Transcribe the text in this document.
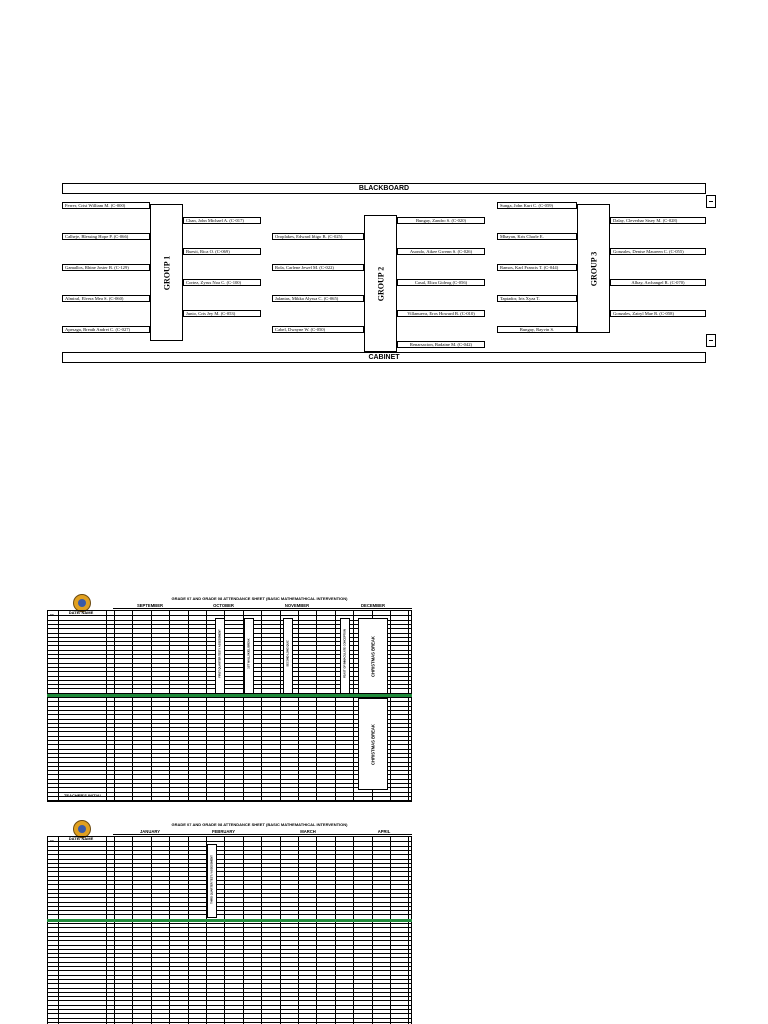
BLACKBOARD
CABINET
GROUP 1
Ferrer, Crist William M. (C-000)
Calheje, Blessing Hope P. (C-066)
Gamallos, Rhine Joster B. (C-129)
Almiral, Elvera Mea S. (C-060)
Apesaga, Breath Andrei C. (C-027)
Chan, John Michael A. (C-017)
Buesit, Rica O. (C-069)
Cortez, Zyrus Noa C. (C-100)
Junio, Cris Jey M. (C-053)
GROUP 2
Oroplakes, Edward Iñigo B. (C-025)
Rola, Carlene Jewel M. (C-022)
Jalantas, Mikka Alyssa C. (C-065)
Cabel, Dwayne W. (C-050)
Bungay, Zandro S. (C-020)
Asondo, Aikee Gwenn S. (C-026)
Casal, Eliza Gideog (C-056)
Villanueva, Eros Howard B. (C-010)
Renarsacion, Badaine M. (C-042)
GROUP 3
Sunga, John Kurt C. (C-059)
Mbayan, Kris Charle E.
Ramos, Karl Francis T. (C-044)
Tapiador, Iris Xyza T.
Bungay, Rayvin S.
Dalay, Cleverhar Sisey M. (C-028)
Gonzales, Denise Maureen C. (C-055)
Albay, Archangel R. (C-070)
Gonzales, Zairyl Mae R. (C-058)
GRADE 07 AND GRADE 08 ATTENDANCE SHEET (BASIC MATHEMATHICAL INTERVENTION)
DATE/ NAME
NO
SEPTEMBER	OCTOBER	NOVEMBER	DECEMBER
FIRST QUARTER TEST / ASSESSMENT	1ST WALLSKIEL BREAK	SECOND LONG QUIZ	FEAST OF IMMACULATE CONCEPTION	CHRISTMAS BREAK
CHRISTMAS BREAK
TEACHER'S INITIAL
GRADE 07 AND GRADE 08 ATTENDANCE SHEET (BASIC MATHEMATHICAL INTERVENTION)
DATE/ NAME
NO
JANUARY	FEBRUARY	MARCH	APRIL
THIRD QUARTER TEST / ASSESSMENT
